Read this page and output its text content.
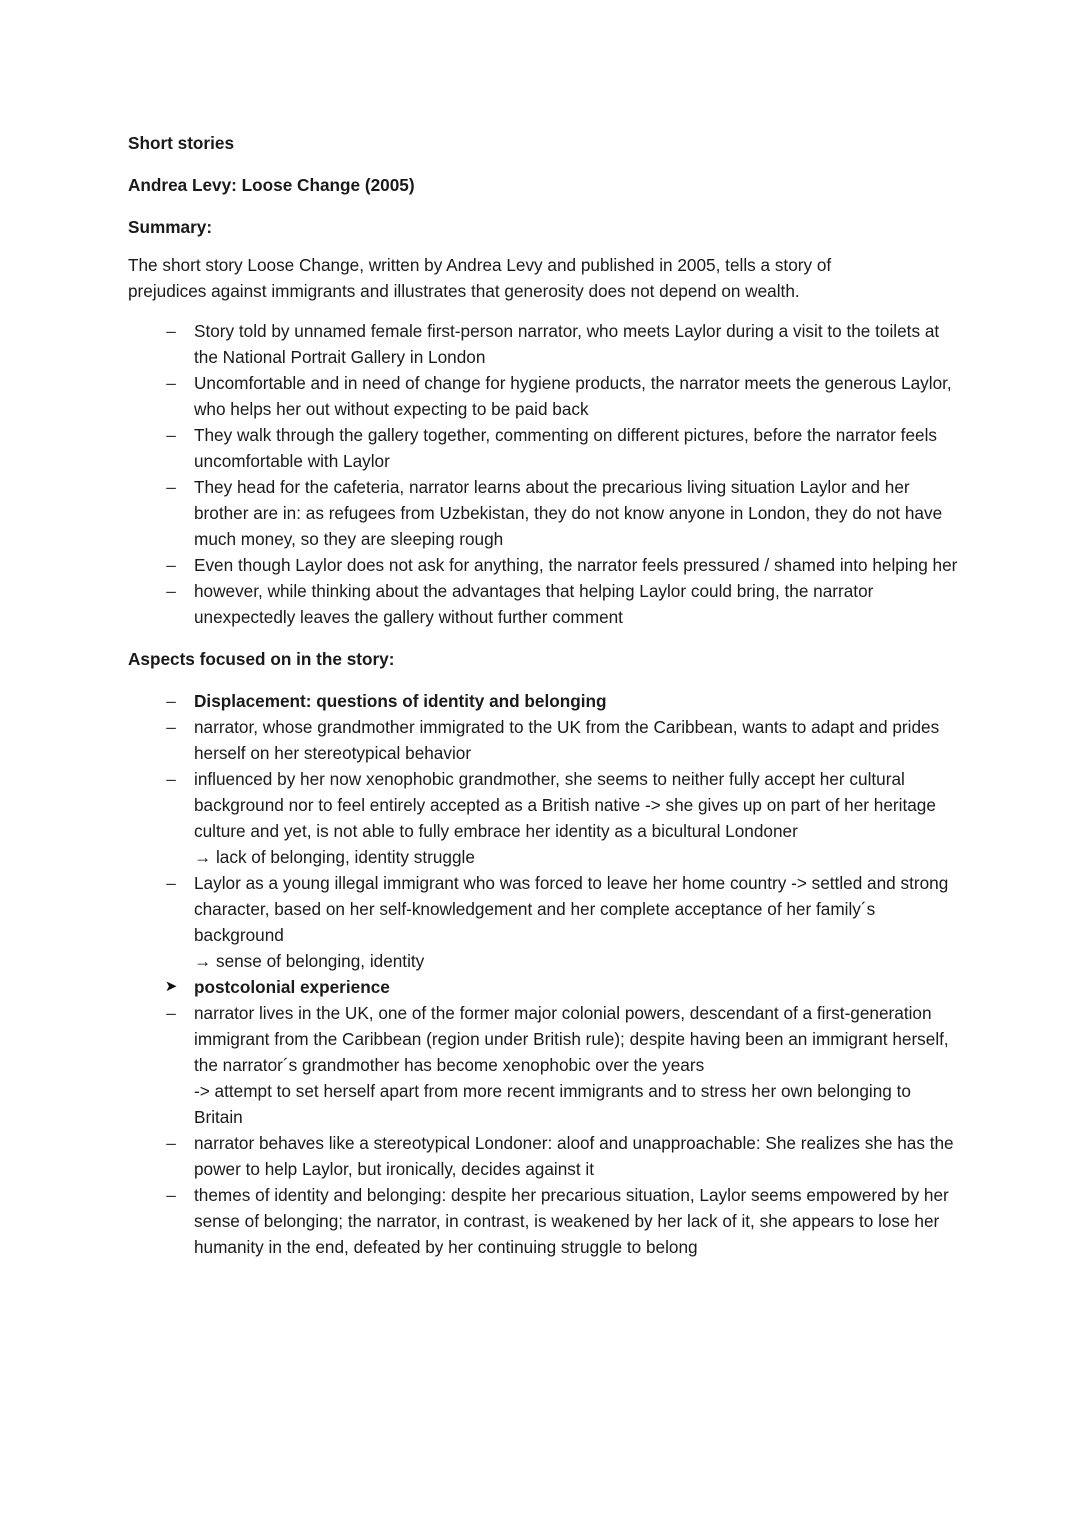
Short stories
Andrea Levy: Loose Change (2005)
Summary:
The short story Loose Change, written by Andrea Levy and published in 2005, tells a story of prejudices against immigrants and illustrates that generosity does not depend on wealth.
– Story told by unnamed female first-person narrator, who meets Laylor during a visit to the toilets at the National Portrait Gallery in London
– Uncomfortable and in need of change for hygiene products, the narrator meets the generous Laylor, who helps her out without expecting to be paid back
– They walk through the gallery together, commenting on different pictures, before the narrator feels uncomfortable with Laylor
– They head for the cafeteria, narrator learns about the precarious living situation Laylor and her brother are in: as refugees from Uzbekistan, they do not know anyone in London, they do not have much money, so they are sleeping rough
– Even though Laylor does not ask for anything, the narrator feels pressured / shamed into helping her
– however, while thinking about the advantages that helping Laylor could bring, the narrator unexpectedly leaves the gallery without further comment
Aspects focused on in the story:
– Displacement: questions of identity and belonging
– narrator, whose grandmother immigrated to the UK from the Caribbean, wants to adapt and prides herself on her stereotypical behavior
– influenced by her now xenophobic grandmother, she seems to neither fully accept her cultural background nor to feel entirely accepted as a British native -> she gives up on part of her heritage culture and yet, is not able to fully embrace her identity as a bicultural Londoner
→ lack of belonging, identity struggle
– Laylor as a young illegal immigrant who was forced to leave her home country -> settled and strong character, based on her self-knowledgement and her complete acceptance of her family´s background
→ sense of belonging, identity
➤ postcolonial experience
– narrator lives in the UK, one of the former major colonial powers, descendant of a first-generation immigrant from the Caribbean (region under British rule); despite having been an immigrant herself, the narrator´s grandmother has become xenophobic over the years
-> attempt to set herself apart from more recent immigrants and to stress her own belonging to Britain
– narrator behaves like a stereotypical Londoner: aloof and unapproachable: She realizes she has the power to help Laylor, but ironically, decides against it
– themes of identity and belonging: despite her precarious situation, Laylor seems empowered by her sense of belonging; the narrator, in contrast, is weakened by her lack of it, she appears to lose her humanity in the end, defeated by her continuing struggle to belong
